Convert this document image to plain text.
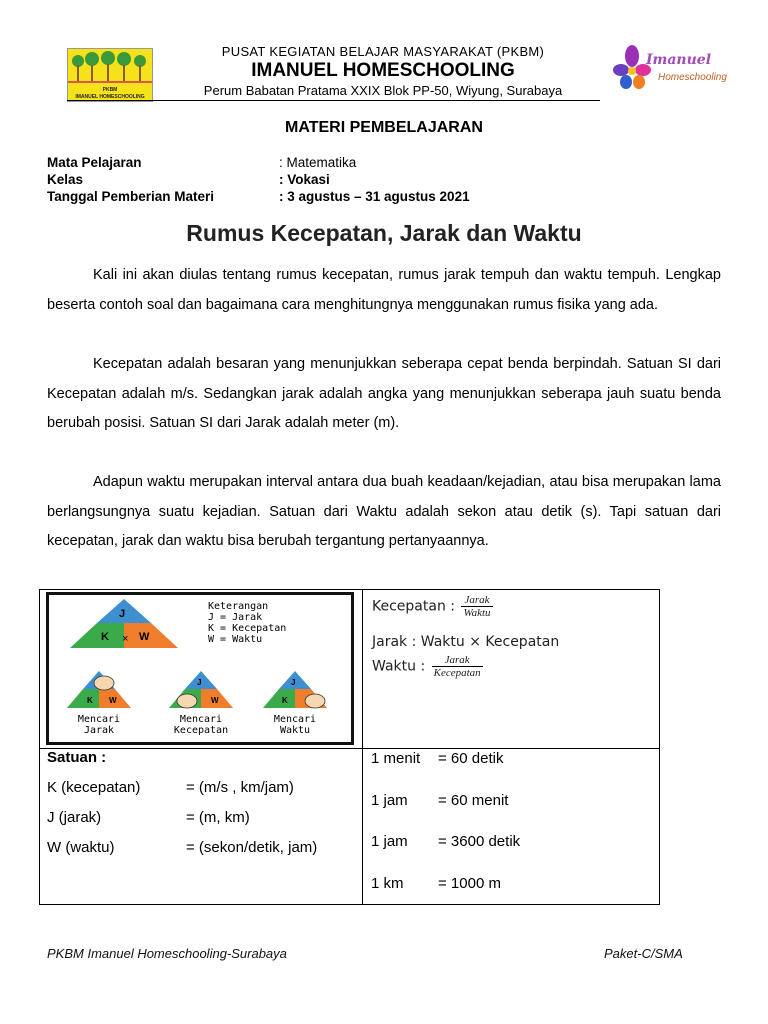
PKBM
IMANUEL HOMESCHOOLING
PUSAT KEGIATAN BELAJAR MASYARAKAT (PKBM)
IMANUEL HOMESCHOOLING
Perum Babatan Pratama XXIX Blok PP-50, Wiyung, Surabaya
Imanuel
Homeschooling
MATERI PEMBELAJARAN
Mata Pelajaran	: Matematika
Kelas	: Vokasi
Tanggal Pemberian Materi	: 3 agustus – 31 agustus 2021
Rumus Kecepatan, Jarak dan Waktu
Kali ini akan diulas tentang rumus kecepatan, rumus jarak tempuh dan waktu tempuh. Lengkap beserta contoh soal dan bagaimana cara menghitungnya menggunakan rumus fisika yang ada.
Kecepatan adalah besaran yang menunjukkan seberapa cepat benda berpindah. Satuan SI dari Kecepatan adalah m/s. Sedangkan jarak adalah angka yang menunjukkan seberapa jauh suatu benda berubah posisi. Satuan SI dari Jarak adalah meter (m).
Adapun waktu merupakan interval antara dua buah keadaan/kejadian, atau bisa merupakan lama berlangsungnya suatu kejadian. Satuan dari Waktu adalah sekon atau detik (s). Tapi satuan dari kecepatan, jarak dan waktu bisa berubah tergantung pertanyaannya.
J
K × W
Keterangan
J = Jarak
K = Kecepatan
W = Waktu
K W
J
W
J
K
Mencari
Jarak
Mencari
Kecepatan
Mencari
Waktu
Kecepatan : $\frac{\text{Jarak}}{\text{Waktu}}$
Jarak : Waktu × Kecepatan
Waktu : $\frac{\text{Jarak}}{\text{Kecepatan}}$
Satuan :
K (kecepatan)	= (m/s , km/jam)
J (jarak)	= (m, km)
W (waktu)	= (sekon/detik, jam)
1 menit = 60 detik
1 jam = 60 menit
1 jam = 3600 detik
1 km = 1000 m
PKBM Imanuel Homeschooling-Surabaya	Paket-C/SMA
